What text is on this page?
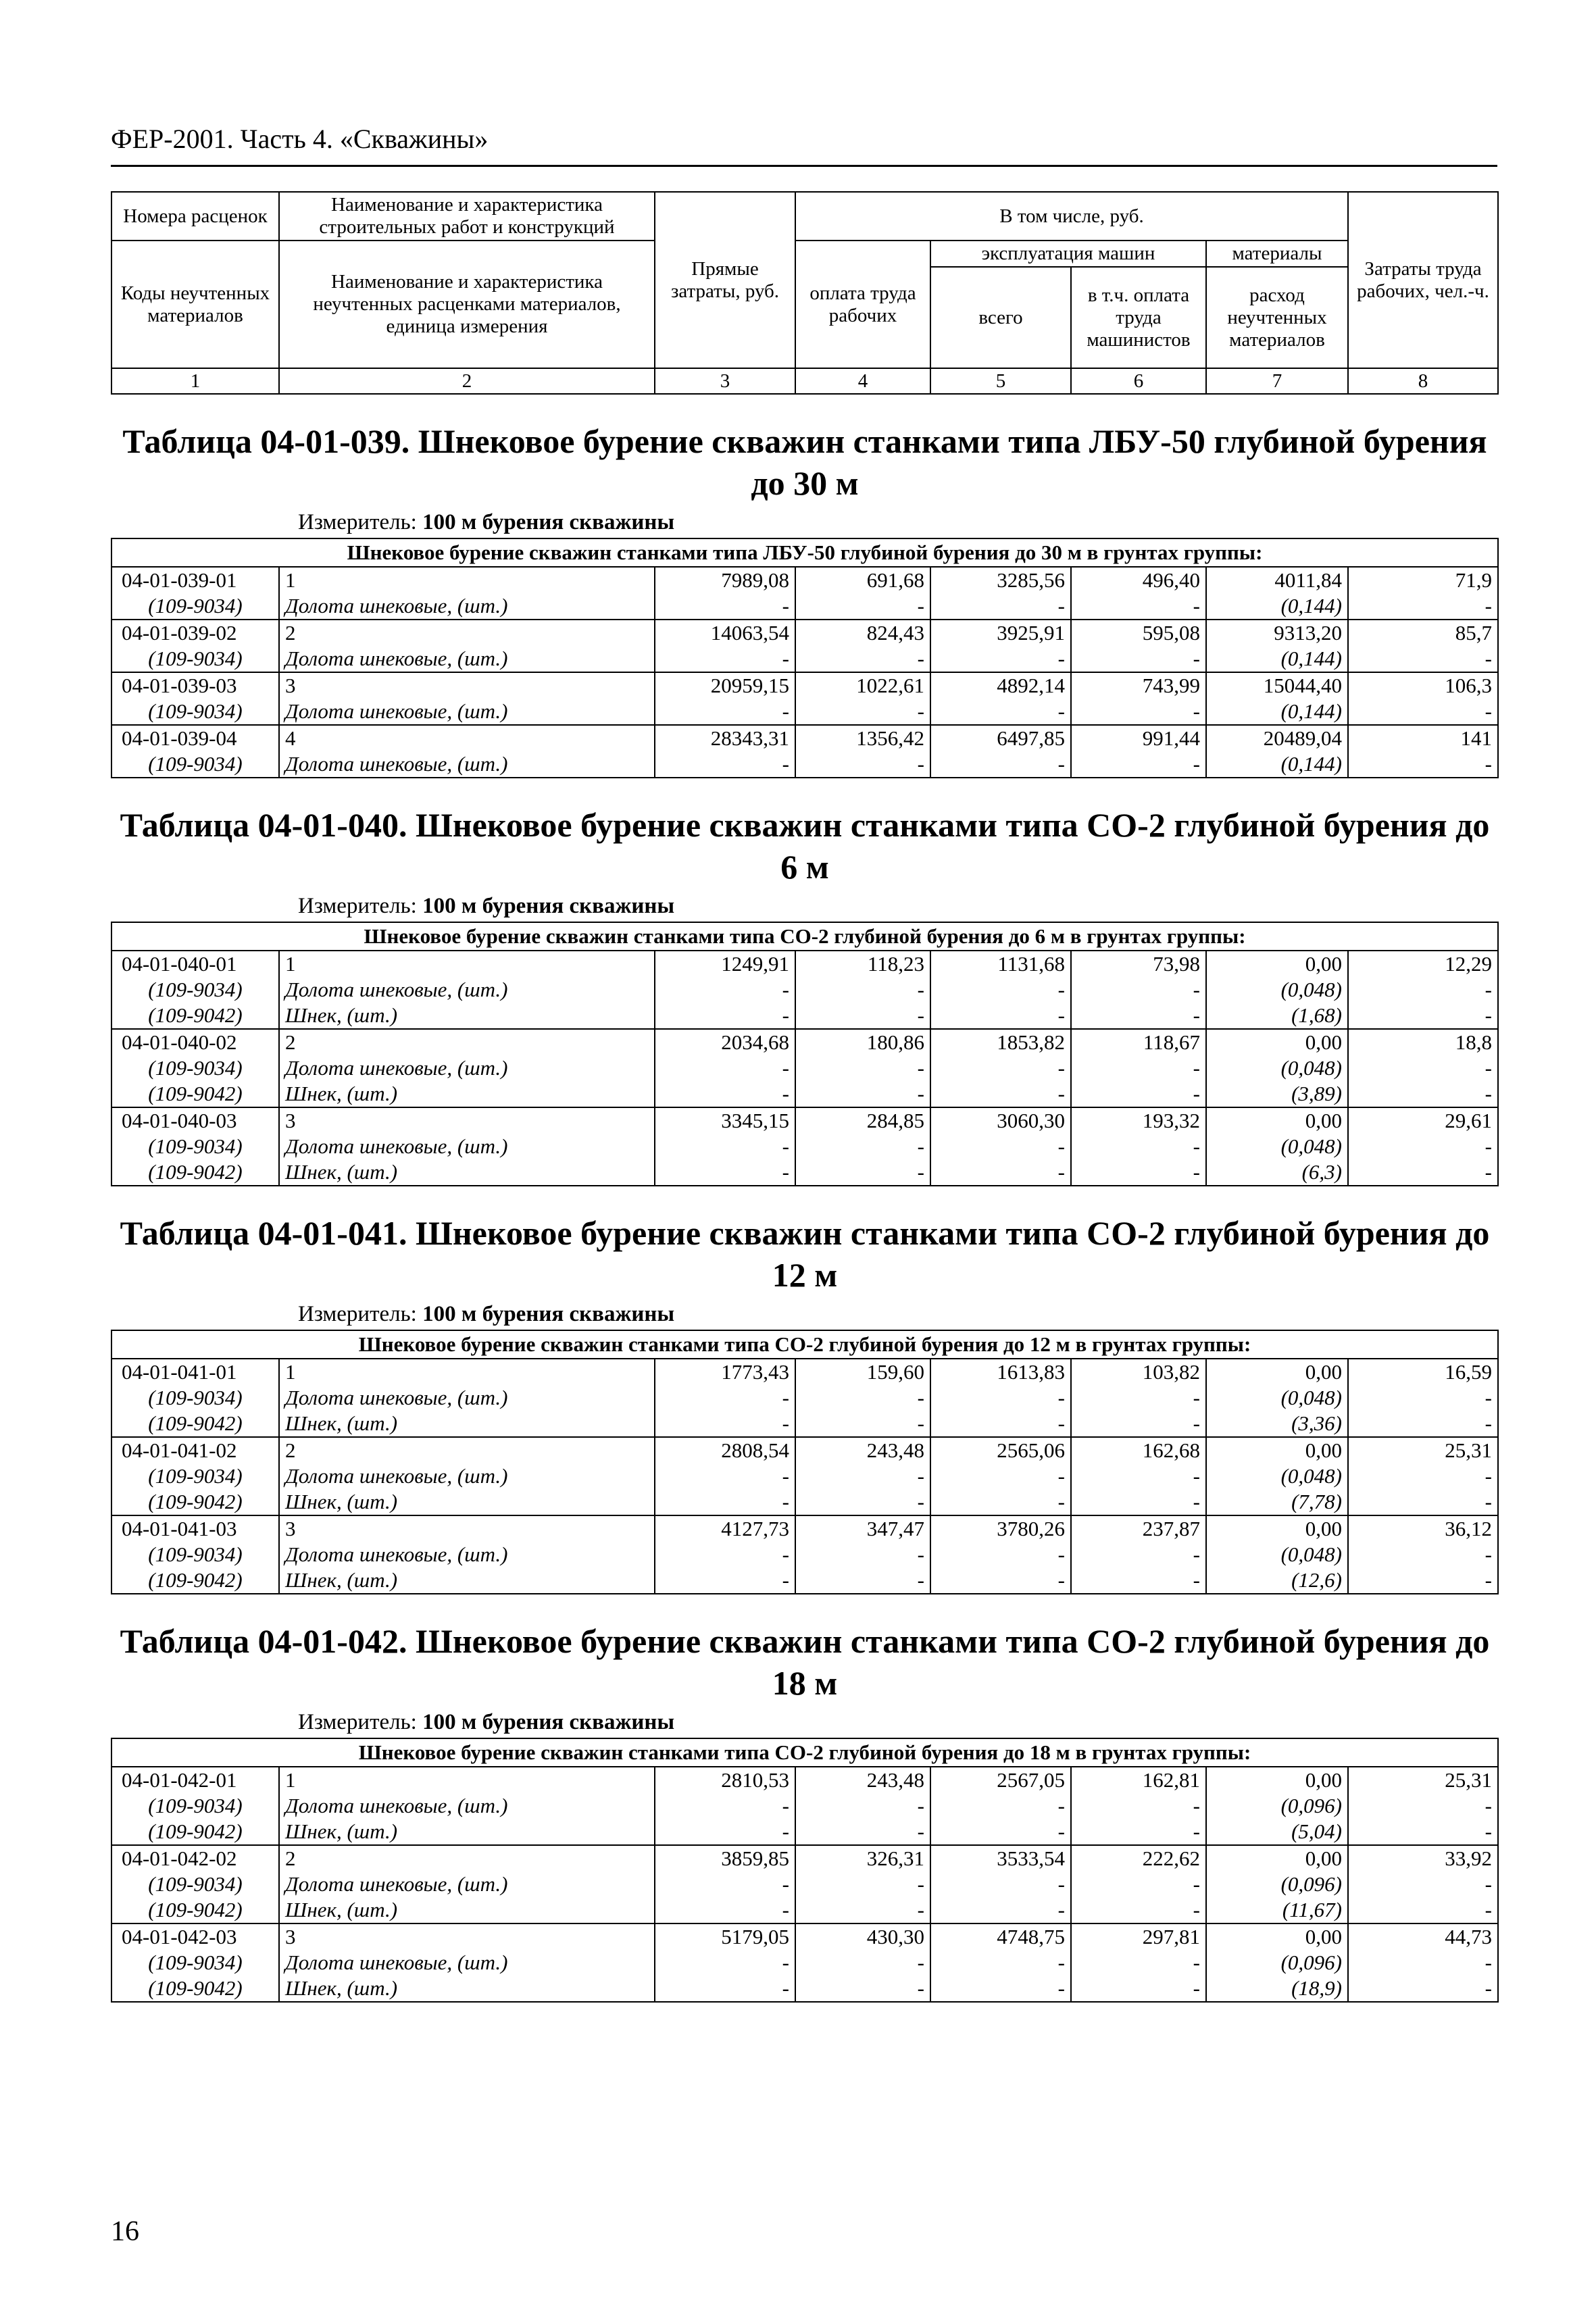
ФЕР-2001. Часть 4. «Скважины»
Номера расценок	Наименование и характеристика строительных работ и конструкций	Прямые затраты, руб.	В том числе, руб.				Затраты труда рабочих, чел.-ч.
Коды неучтенных материалов	Наименование и характеристика неучтенных расценками материалов, единица измерения		оплата труда рабочих	эксплуатация машин		материалы	
				всего	в т.ч. оплата труда машинистов	расход неучтенных материалов	
1	2	3	4	5	6	7	8
Таблица 04-01-039. Шнековое бурение скважин станками типа ЛБУ-50 глубиной бурения до 30 м							
Измеритель: 100 м бурения скважины							
Шнековое бурение скважин станками типа ЛБУ-50 глубиной бурения до 30 м в грунтах группы:							
04-01-039-01	1	7989,08	691,68	3285,56	496,40	4011,84	71,9
(109-9034)	Долота шнековые, (шт.)	-	-	-	-	(0,144)	-
04-01-039-02	2	14063,54	824,43	3925,91	595,08	9313,20	85,7
(109-9034)	Долота шнековые, (шт.)	-	-	-	-	(0,144)	-
04-01-039-03	3	20959,15	1022,61	4892,14	743,99	15044,40	106,3
(109-9034)	Долота шнековые, (шт.)	-	-	-	-	(0,144)	-
04-01-039-04	4	28343,31	1356,42	6497,85	991,44	20489,04	141
(109-9034)	Долота шнековые, (шт.)	-	-	-	-	(0,144)	-
Таблица 04-01-040. Шнековое бурение скважин станками типа СО-2 глубиной бурения до 6 м							
Измеритель: 100 м бурения скважины							
Шнековое бурение скважин станками типа СО-2 глубиной бурения до 6 м в грунтах группы:							
04-01-040-01	1	1249,91	118,23	1131,68	73,98	0,00	12,29
(109-9034)	Долота шнековые, (шт.)	-	-	-	-	(0,048)	-
(109-9042)	Шнек, (шт.)	-	-	-	-	(1,68)	-
04-01-040-02	2	2034,68	180,86	1853,82	118,67	0,00	18,8
(109-9034)	Долота шнековые, (шт.)	-	-	-	-	(0,048)	-
(109-9042)	Шнек, (шт.)	-	-	-	-	(3,89)	-
04-01-040-03	3	3345,15	284,85	3060,30	193,32	0,00	29,61
(109-9034)	Долота шнековые, (шт.)	-	-	-	-	(0,048)	-
(109-9042)	Шнек, (шт.)	-	-	-	-	(6,3)	-
Таблица 04-01-041. Шнековое бурение скважин станками типа СО-2 глубиной бурения до 12 м							
Измеритель: 100 м бурения скважины							
Шнековое бурение скважин станками типа СО-2 глубиной бурения до 12 м в грунтах группы:							
04-01-041-01	1	1773,43	159,60	1613,83	103,82	0,00	16,59
(109-9034)	Долота шнековые, (шт.)	-	-	-	-	(0,048)	-
(109-9042)	Шнек, (шт.)	-	-	-	-	(3,36)	-
04-01-041-02	2	2808,54	243,48	2565,06	162,68	0,00	25,31
(109-9034)	Долота шнековые, (шт.)	-	-	-	-	(0,048)	-
(109-9042)	Шнек, (шт.)	-	-	-	-	(7,78)	-
04-01-041-03	3	4127,73	347,47	3780,26	237,87	0,00	36,12
(109-9034)	Долота шнековые, (шт.)	-	-	-	-	(0,048)	-
(109-9042)	Шнек, (шт.)	-	-	-	-	(12,6)	-
Таблица 04-01-042. Шнековое бурение скважин станками типа СО-2 глубиной бурения до 18 м							
Измеритель: 100 м бурения скважины							
Шнековое бурение скважин станками типа СО-2 глубиной бурения до 18 м в грунтах группы:							
04-01-042-01	1	2810,53	243,48	2567,05	162,81	0,00	25,31
(109-9034)	Долота шнековые, (шт.)	-	-	-	-	(0,096)	-
(109-9042)	Шнек, (шт.)	-	-	-	-	(5,04)	-
04-01-042-02	2	3859,85	326,31	3533,54	222,62	0,00	33,92
(109-9034)	Долота шнековые, (шт.)	-	-	-	-	(0,096)	-
(109-9042)	Шнек, (шт.)	-	-	-	-	(11,67)	-
04-01-042-03	3	5179,05	430,30	4748,75	297,81	0,00	44,73
(109-9034)	Долота шнековые, (шт.)	-	-	-	-	(0,096)	-
(109-9042)	Шнек, (шт.)	-	-	-	-	(18,9)	-
16
